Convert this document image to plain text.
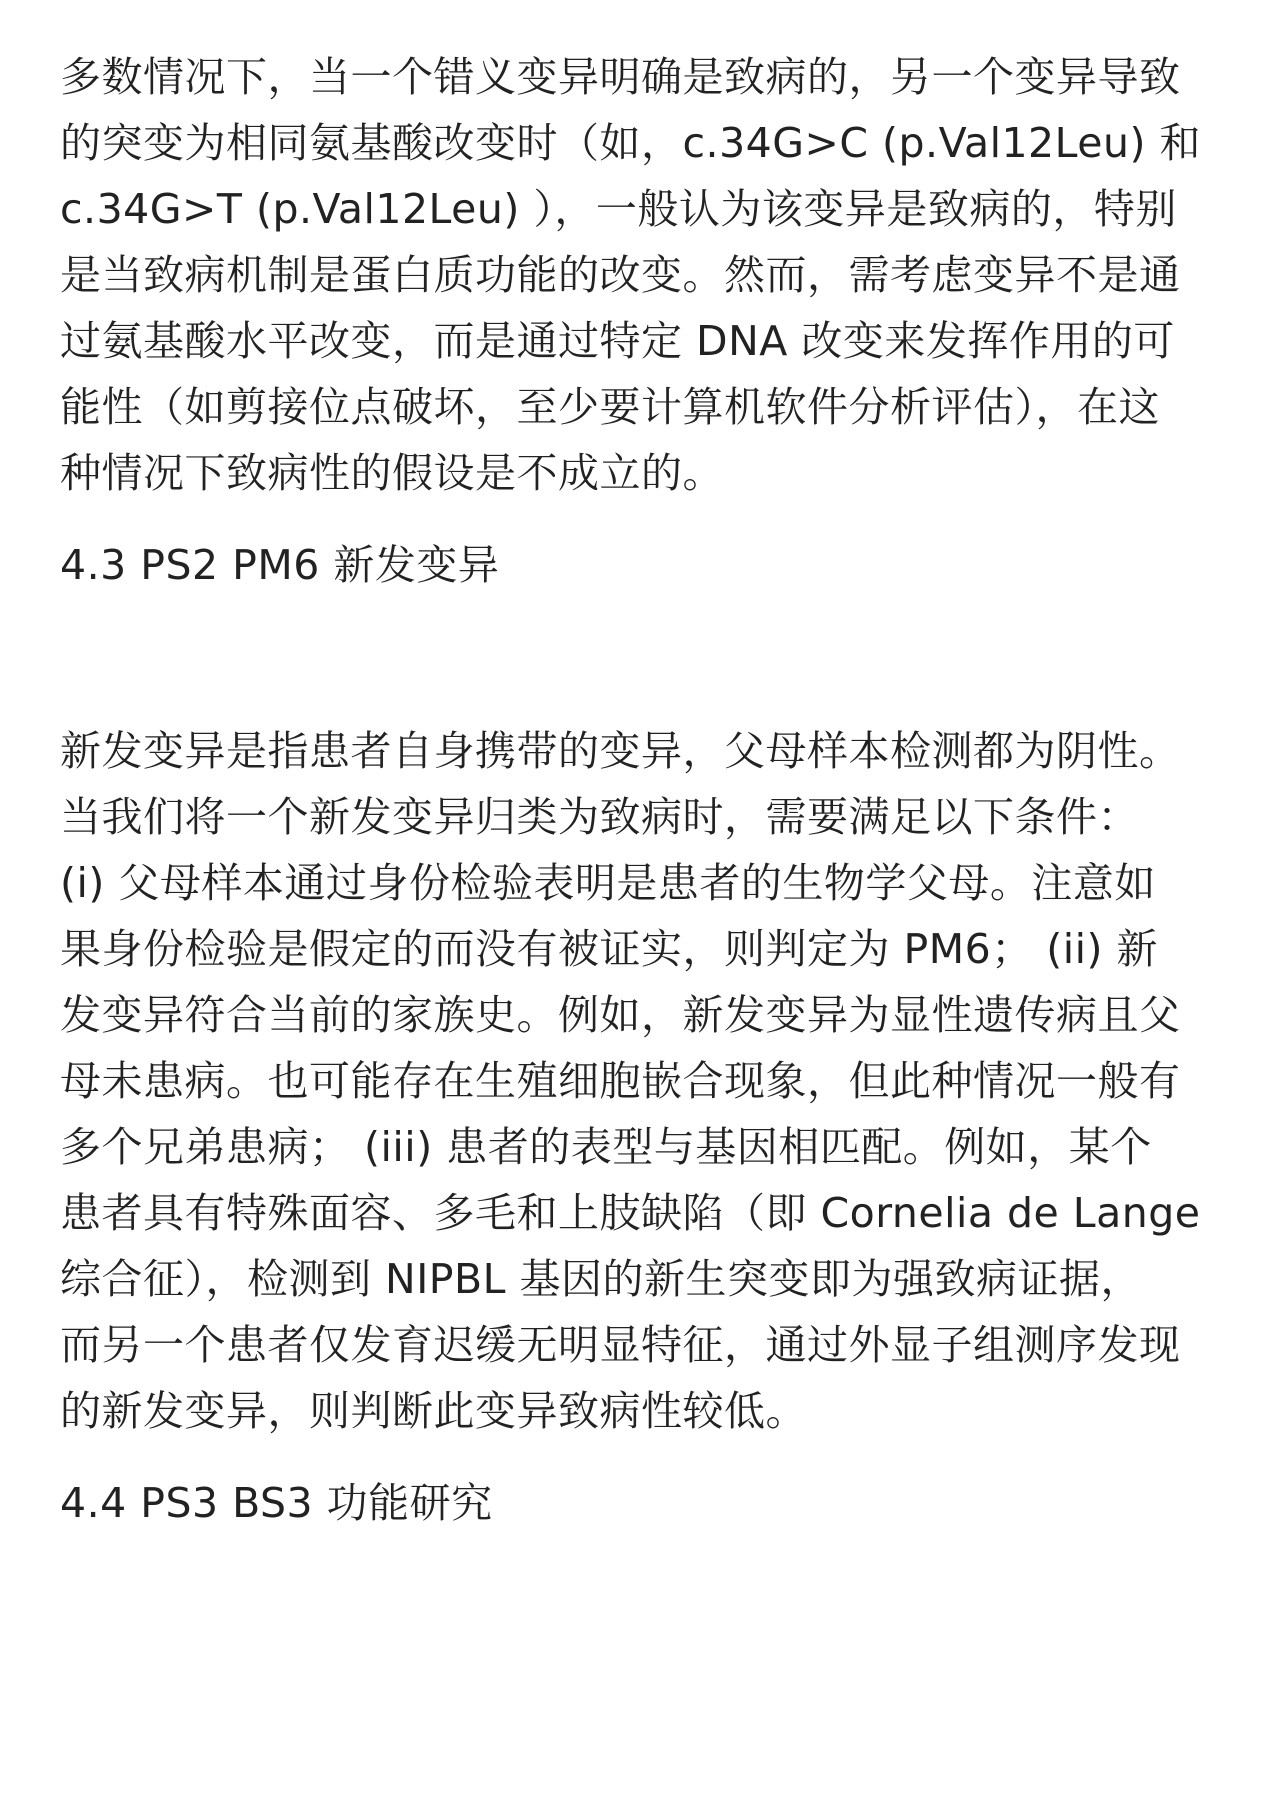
多数情况下，当一个错义变异明确是致病的，另一个变异导致
的突变为相同氨基酸改变时（如，c.34G>C (p.Val12Leu) 和
c.34G>T (p.Val12Leu) ），一般认为该变异是致病的，特别
是当致病机制是蛋白质功能的改变。然而，需考虑变异不是通
过氨基酸水平改变，而是通过特定 DNA 改变来发挥作用的可
能性（如剪接位点破坏，至少要计算机软件分析评估），在这
种情况下致病性的假设是不成立的。

4.3 PS2 PM6 新发变异

新发变异是指患者自身携带的变异，父母样本检测都为阴性。
当我们将一个新发变异归类为致病时，需要满足以下条件：
(i) 父母样本通过身份检验表明是患者的生物学父母。注意如
果身份检验是假定的而没有被证实，则判定为 PM6； (ii) 新
发变异符合当前的家族史。例如，新发变异为显性遗传病且父
母未患病。也可能存在生殖细胞嵌合现象，但此种情况一般有
多个兄弟患病； (iii) 患者的表型与基因相匹配。例如，某个
患者具有特殊面容、多毛和上肢缺陷（即 Cornelia de Lange
综合征），检测到 NIPBL 基因的新生突变即为强致病证据，
而另一个患者仅发育迟缓无明显特征，通过外显子组测序发现
的新发变异，则判断此变异致病性较低。

4.4 PS3 BS3 功能研究
